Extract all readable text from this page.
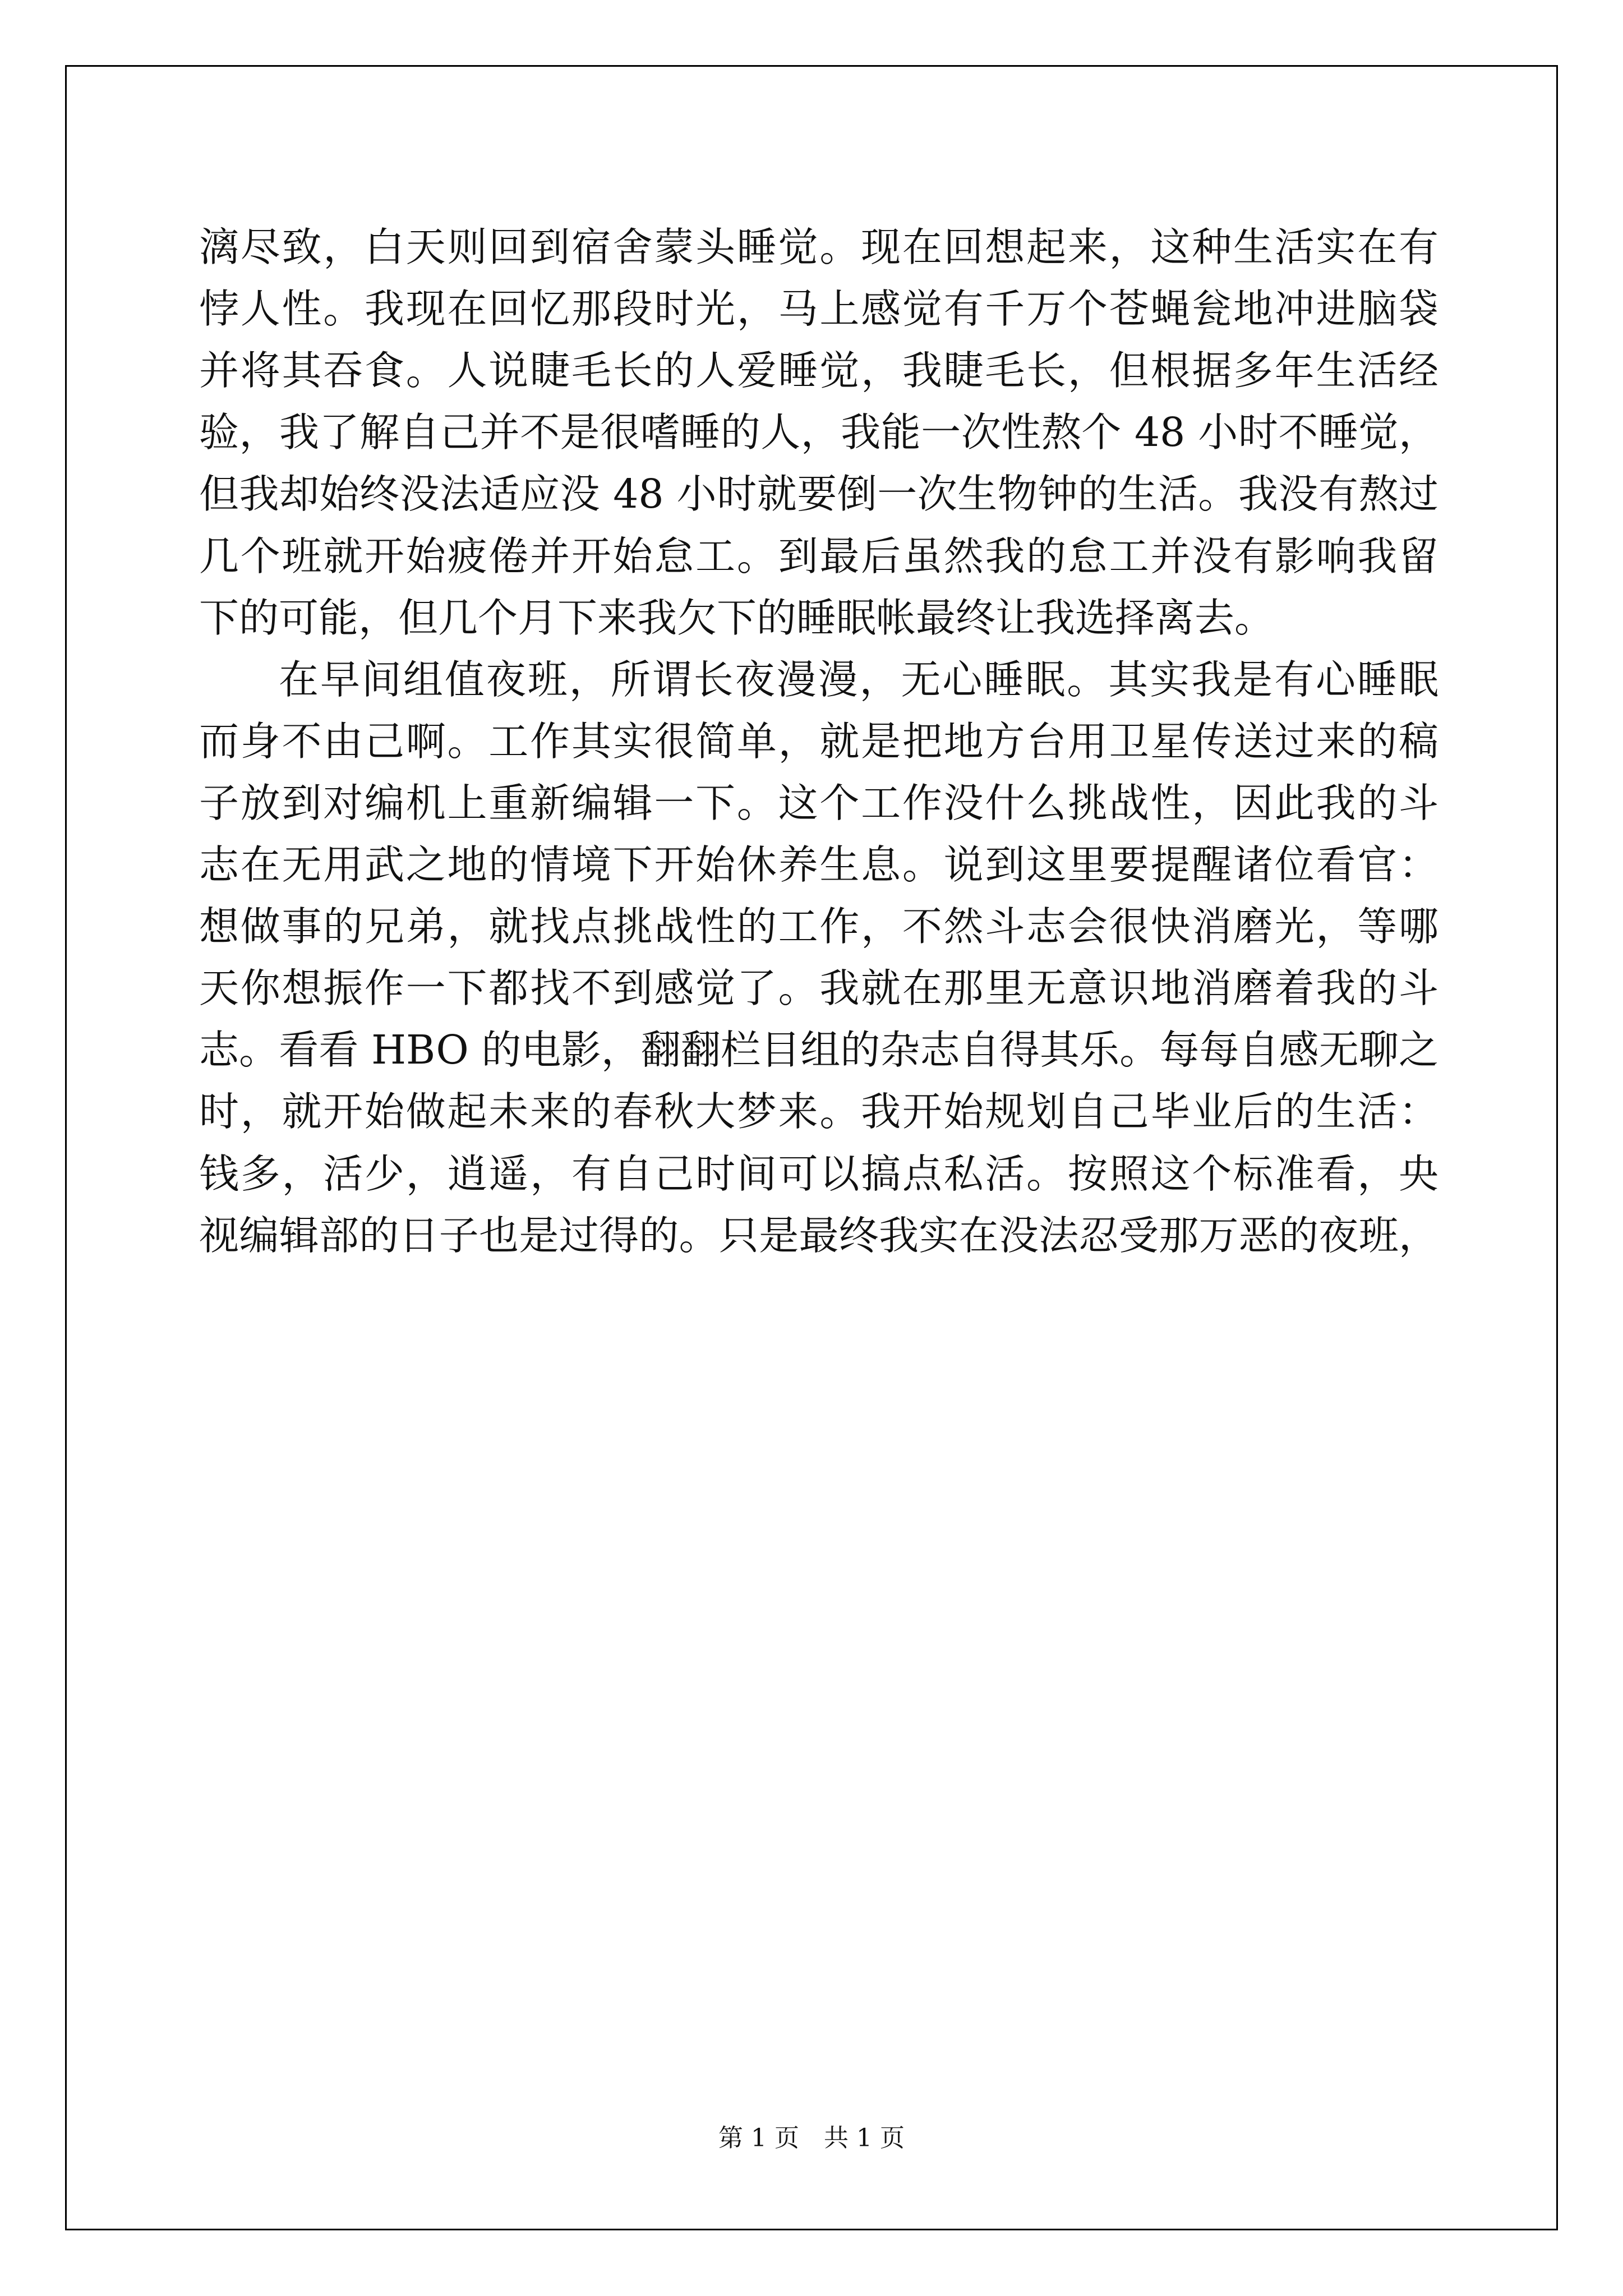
漓尽致，白天则回到宿舍蒙头睡觉。现在回想起来，这种生活实在有
悖人性。我现在回忆那段时光，马上感觉有千万个苍蝇瓮地冲进脑袋
并将其吞食。人说睫毛长的人爱睡觉，我睫毛长，但根据多年生活经
验，我了解自己并不是很嗜睡的人，我能一次性熬个 48 小时不睡觉，
但我却始终没法适应没 48 小时就要倒一次生物钟的生活。我没有熬过
几个班就开始疲倦并开始怠工。到最后虽然我的怠工并没有影响我留
下的可能，但几个月下来我欠下的睡眠帐最终让我选择离去。
在早间组值夜班，所谓长夜漫漫，无心睡眠。其实我是有心睡眠
而身不由己啊。工作其实很简单，就是把地方台用卫星传送过来的稿
子放到对编机上重新编辑一下。这个工作没什么挑战性，因此我的斗
志在无用武之地的情境下开始休养生息。说到这里要提醒诸位看官：
想做事的兄弟，就找点挑战性的工作，不然斗志会很快消磨光，等哪
天你想振作一下都找不到感觉了。我就在那里无意识地消磨着我的斗
志。看看 HBO 的电影，翻翻栏目组的杂志自得其乐。每每自感无聊之
时，就开始做起未来的春秋大梦来。我开始规划自己毕业后的生活：
钱多，活少，逍遥，有自己时间可以搞点私活。按照这个标准看，央
视编辑部的日子也是过得的。只是最终我实在没法忍受那万恶的夜班，
第 1 页　共 1 页
